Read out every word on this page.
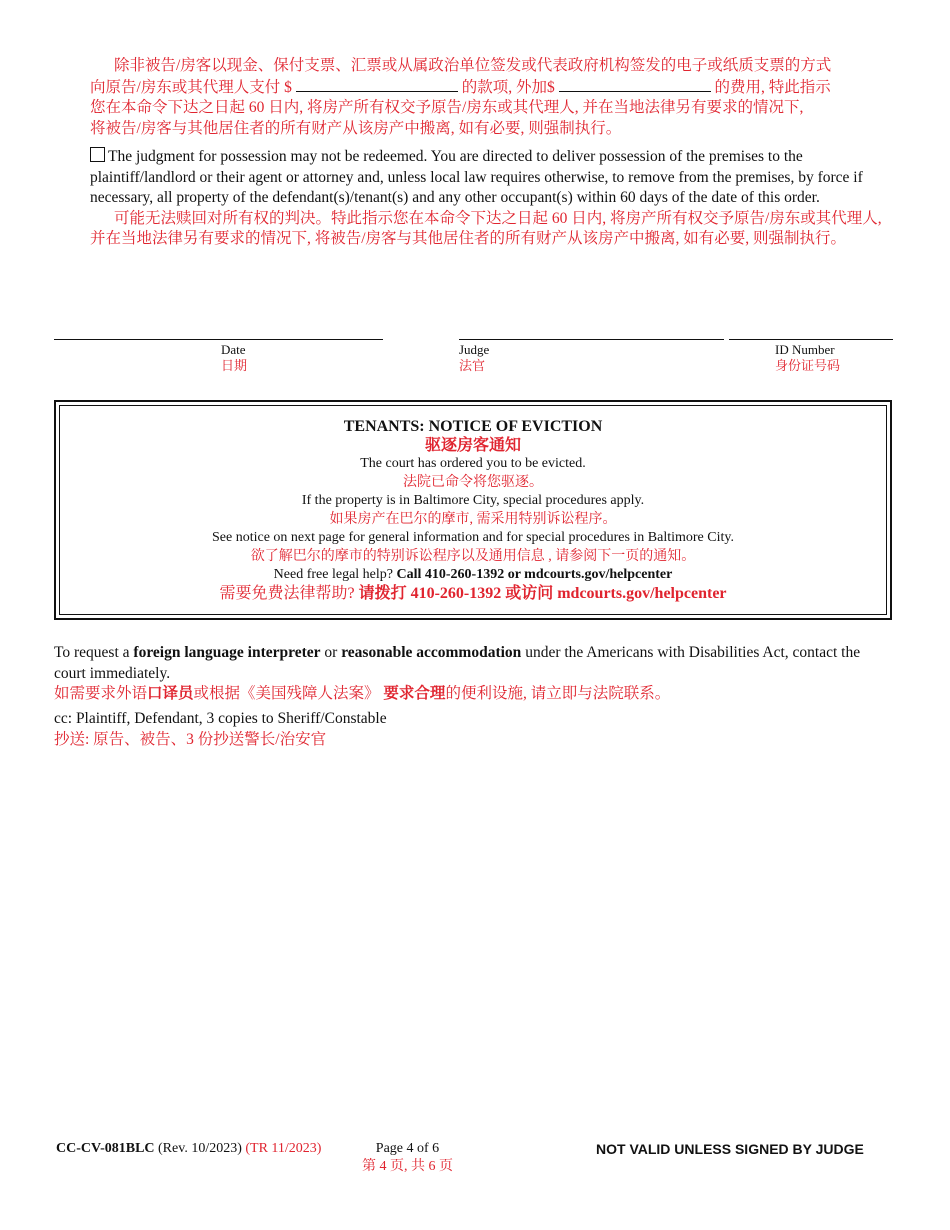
除非被告/房客以现金、保付支票、汇票或从属政治单位签发或代表政府机构签发的电子或纸质支票的方式
向原告/房东或其代理人支付 $	的款项, 外加$	的费用, 特此指示
您在本命令下达之日起 60 日内, 将房产所有权交予原告/房东或其代理人, 并在当地法律另有要求的情况下,
将被告/房客与其他居住者的所有财产从该房产中搬离, 如有必要, 则强制执行。
The judgment for possession may not be redeemed. You are directed to deliver possession of the premises to the plaintiff/landlord or their agent or attorney and, unless local law requires otherwise, to remove from the premises, by force if necessary, all property of the defendant(s)/tenant(s) and any other occupant(s) within 60 days of the date of this order.
可能无法赎回对所有权的判决。特此指示您在本命令下达之日起 60 日内, 将房产所有权交予原告/房东或其代理人, 并在当地法律另有要求的情况下, 将被告/房客与其他居住者的所有财产从该房产中搬离, 如有必要, 则强制执行。
Date
日期
Judge
法官
ID Number
身份证号码
TENANTS: NOTICE OF EVICTION
驱逐房客通知
The court has ordered you to be evicted.
法院已命令将您驱逐。
If the property is in Baltimore City, special procedures apply.
如果房产在巴尔的摩市, 需采用特别诉讼程序。
See notice on next page for general information and for special procedures in Baltimore City.
欲了解巴尔的摩市的特别诉讼程序以及通用信息 , 请参阅下一页的通知。
Need free legal help? Call 410-260-1392 or mdcourts.gov/helpcenter
需要免费法律帮助? 请拨打 410-260-1392 或访问 mdcourts.gov/helpcenter
To request a foreign language interpreter or reasonable accommodation under the Americans with Disabilities Act, contact the court immediately.
如需要求外语口译员或根据《美国残障人法案》 要求合理的便利设施, 请立即与法院联系。
cc: Plaintiff, Defendant, 3 copies to Sheriff/Constable
抄送: 原告、被告、3 份抄送警长/治安官
CC-CV-081BLC (Rev. 10/2023) (TR 11/2023)	Page 4 of 6
第 4 页, 共 6 页
NOT VALID UNLESS SIGNED BY JUDGE
